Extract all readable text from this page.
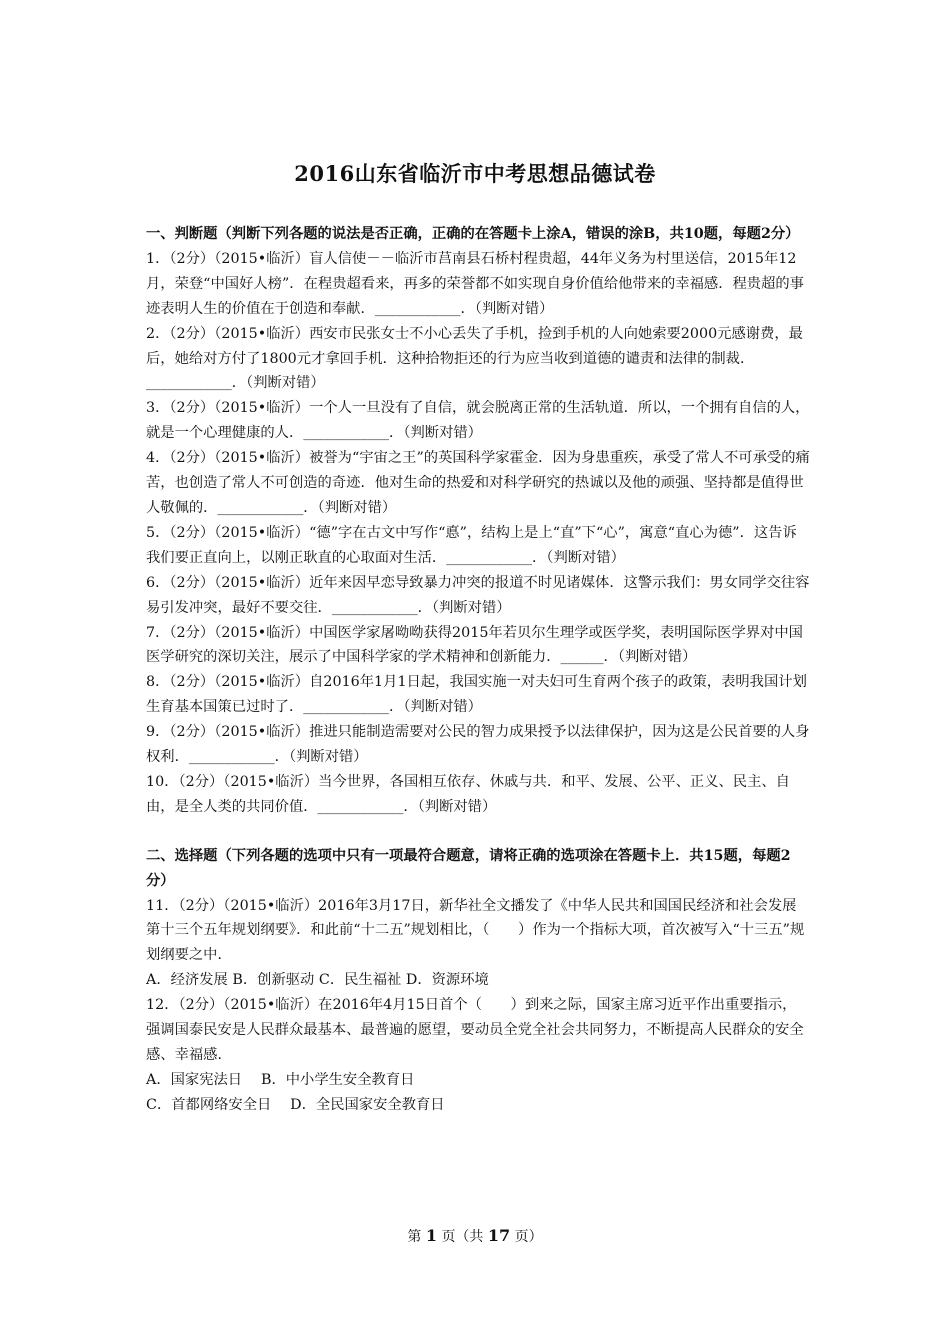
2016山东省临沂市中考思想品德试卷
一、判断题（判断下列各题的说法是否正确，正确的在答题卡上涂A，错误的涂B，共10题，每题2分）

1．（2分）（2015•临沂）盲人信使－－临沂市莒南县石桥村程贵超，44年义务为村里送信，2015年12月，荣登“中国好人榜”．在程贵超看来，再多的荣誉都不如实现自身价值给他带来的幸福感．程贵超的事迹表明人生的价值在于创造和奉献．____________．（判断对错）

2．（2分）（2015•临沂）西安市民张女士不小心丢失了手机，捡到手机的人向她索要2000元感谢费，最后，她给对方付了1800元才拿回手机．这种拾物拒还的行为应当收到道德的谴责和法律的制裁．____________．（判断对错）

3．（2分）（2015•临沂）一个人一旦没有了自信，就会脱离正常的生活轨道．所以，一个拥有自信的人，就是一个心理健康的人．____________．（判断对错）

4．（2分）（2015•临沂）被誉为“宇宙之王”的英国科学家霍金．因为身患重疾，承受了常人不可承受的痛苦，也创造了常人不可创造的奇迹．他对生命的热爱和对科学研究的热诚以及他的顽强、坚持都是值得世人敬佩的．____________．（判断对错）

5．（2分）（2015•临沂）“德”字在古文中写作“悳”，结构上是上“直”下“心”，寓意“直心为德”．这告诉我们要正直向上，以刚正耿直的心取面对生活．____________．（判断对错）

6．（2分）（2015•临沂）近年来因早恋导致暴力冲突的报道不时见诸媒体．这警示我们：男女同学交往容易引发冲突，最好不要交往．____________．（判断对错）

7．（2分）（2015•临沂）中国医学家屠呦呦获得2015年若贝尔生理学或医学奖，表明国际医学界对中国医学研究的深切关注，展示了中国科学家的学术精神和创新能力．______．（判断对错）

8．（2分）（2015•临沂）自2016年1月1日起，我国实施一对夫妇可生育两个孩子的政策，表明我国计划生育基本国策已过时了．____________．（判断对错）

9．（2分）（2015•临沂）推进只能制造需要对公民的智力成果授予以法律保护，因为这是公民首要的人身权利．____________．（判断对错）

10．（2分）（2015•临沂）当今世界，各国相互依存、休戚与共．和平、发展、公平、正义、民主、自由，是全人类的共同价值．____________．（判断对错）

二、选择题（下列各题的选项中只有一项最符合题意，请将正确的选项涂在答题卡上．共15题，每题2分）

11．（2分）（2015•临沂）2016年3月17日，新华社全文播发了《中华人民共和国国民经济和社会发展第十三个五年规划纲要》．和此前“十二五”规划相比，（　　）作为一个指标大项，首次被写入“十三五”规划纲要之中．

A．经济发展 B．创新驱动 C．民生福祉 D．资源环境

12．（2分）（2015•临沂）在2016年4月15日首个（　　）到来之际，国家主席习近平作出重要指示，强调国泰民安是人民群众最基本、最普遍的愿望，要动员全党全社会共同努力，不断提高人民群众的安全感、幸福感．

A．国家宪法日　 B．中小学生安全教育日

C．首都网络安全日　 D．全民国家安全教育日

第 1 页（共 17 页）
